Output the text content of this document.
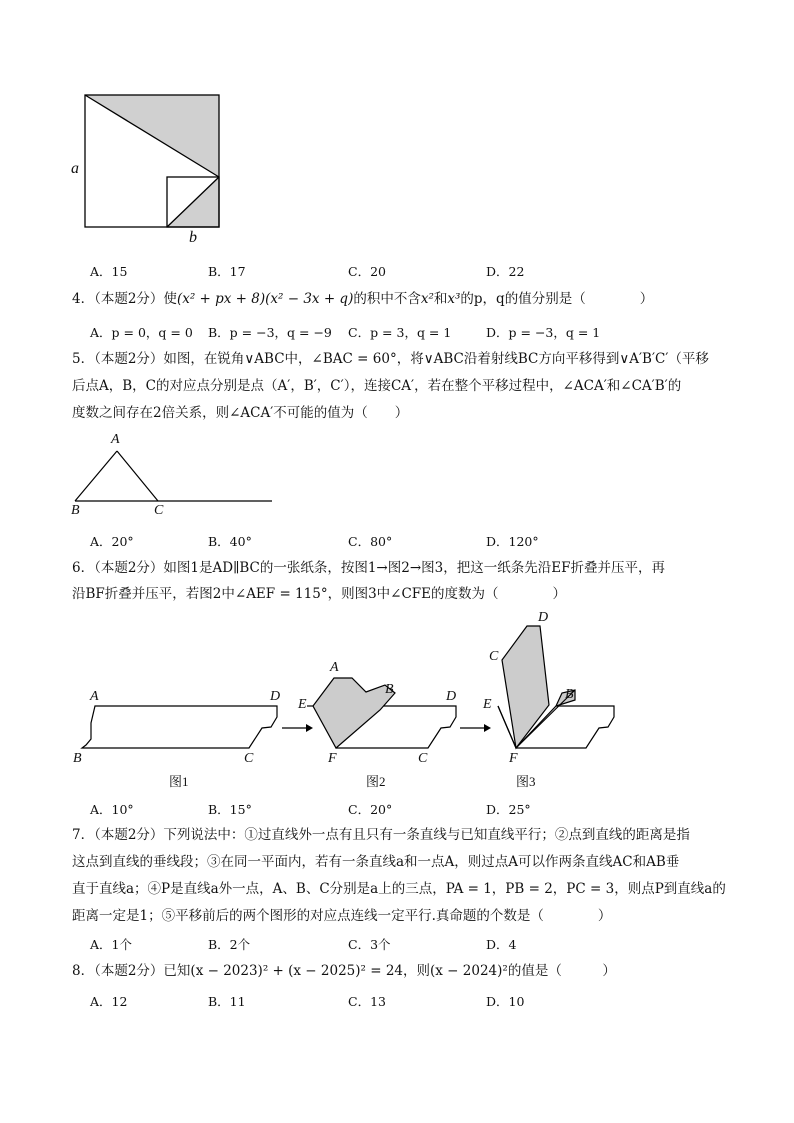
a
b
A．15	B．17	C．20	D．22
4．（本题2分）使(x² + px + 8)(x² − 3x + q)的积中不含x²和x³的p，q的值分别是（　　　　）
A．p = 0，q = 0 B．p = −3，q = −9 C．p = 3，q = 1	D．p = −3，q = 1
5．（本题2分）如图，在锐角∨ABC中，∠BAC = 60°，将∨ABC沿着射线BC方向平移得到∨A′B′C′（平移
后点A，B，C的对应点分别是点（A′，B′，C′），连接CA′，若在整个平移过程中，∠ACA′和∠CA′B′的
度数之间存在2倍关系，则∠ACA′不可能的值为（　　）
A
B	C
A．20°	B．40°	C．80°	D．120°
6．（本题2分）如图1是AD∥BC的一张纸条，按图1→图2→图3，把这一纸条先沿EF折叠并压平，再
沿BF折叠并压平，若图2中∠AEF = 115°，则图3中∠CFE的度数为（　　　　）
A	D
B	C
图1
A
B	D
E
F	C
图2
D
C
B
E
F
图3
A．10°	B．15°	C．20°	D．25°
7．（本题2分）下列说法中：①过直线外一点有且只有一条直线与已知直线平行；②点到直线的距离是指
这点到直线的垂线段；③在同一平面内，若有一条直线a和一点A，则过点A可以作两条直线AC和AB垂
直于直线a；④P是直线a外一点，A、B、C分别是a上的三点，PA = 1，PB = 2，PC = 3，则点P到直线a的
距离一定是1；⑤平移前后的两个图形的对应点连线一定平行.真命题的个数是（　　　　）
A．1个	B．2个	C．3个	D．4
8．（本题2分）已知(x − 2023)² + (x − 2025)² = 24，则(x − 2024)²的值是（　　　）
A．12	B．11	C．13	D．10
